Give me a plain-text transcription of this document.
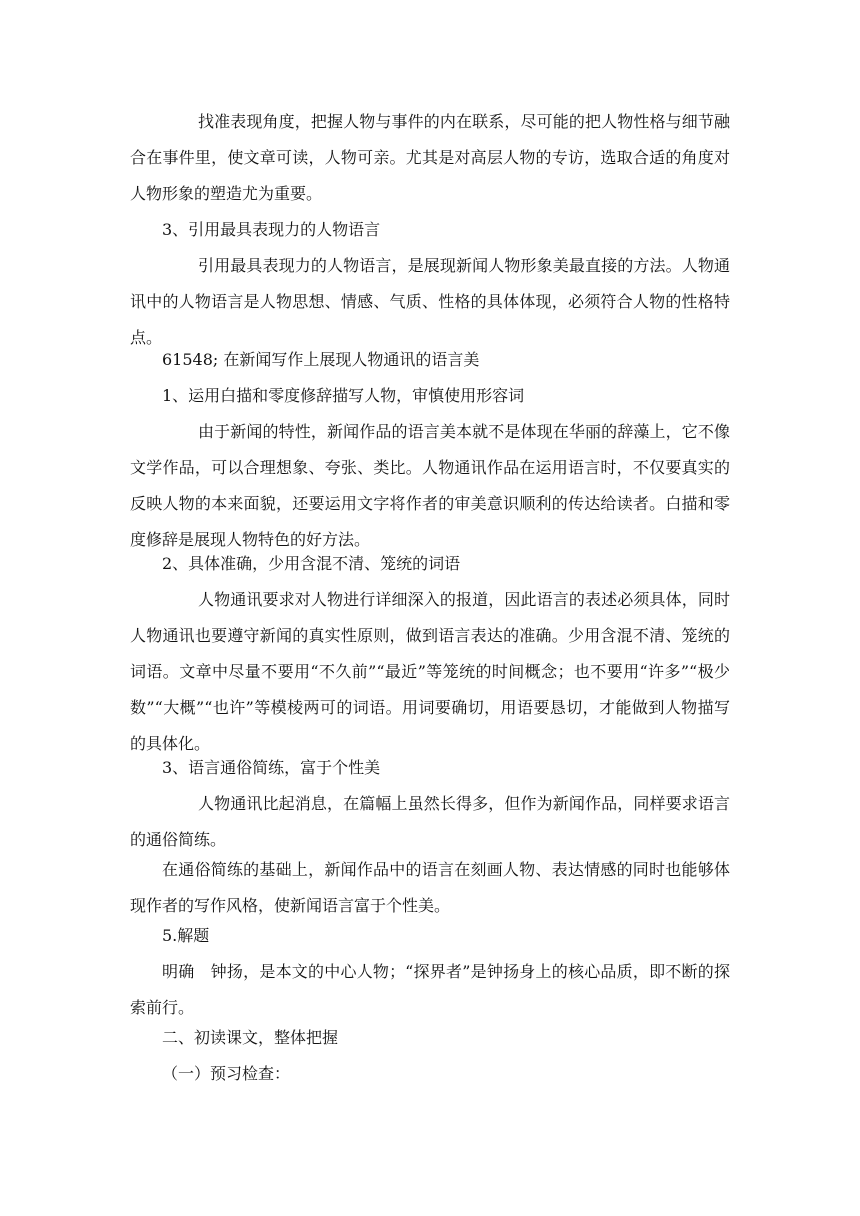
找准表现角度，把握人物与事件的内在联系，尽可能的把人物性格与细节融合在事件里，使文章可读，人物可亲。尤其是对高层人物的专访，选取合适的角度对人物形象的塑造尤为重要。
3、引用最具表现力的人物语言
引用最具表现力的人物语言，是展现新闻人物形象美最直接的方法。人物通讯中的人物语言是人物思想、情感、气质、性格的具体体现，必须符合人物的性格特点。
61548; 在新闻写作上展现人物通讯的语言美
1、运用白描和零度修辞描写人物，审慎使用形容词
由于新闻的特性，新闻作品的语言美本就不是体现在华丽的辞藻上，它不像文学作品，可以合理想象、夸张、类比。人物通讯作品在运用语言时，不仅要真实的反映人物的本来面貌，还要运用文字将作者的审美意识顺利的传达给读者。白描和零度修辞是展现人物特色的好方法。
2、具体准确，少用含混不清、笼统的词语
人物通讯要求对人物进行详细深入的报道，因此语言的表述必须具体，同时人物通讯也要遵守新闻的真实性原则，做到语言表达的准确。少用含混不清、笼统的词语。文章中尽量不要用“不久前”“最近”等笼统的时间概念；也不要用“许多”“极少数”“大概”“也许”等模棱两可的词语。用词要确切，用语要恳切，才能做到人物描写的具体化。
3、语言通俗简练，富于个性美
人物通讯比起消息，在篇幅上虽然长得多，但作为新闻作品，同样要求语言的通俗简练。
在通俗简练的基础上，新闻作品中的语言在刻画人物、表达情感的同时也能够体现作者的写作风格，使新闻语言富于个性美。
5.解题
明确　钟扬，是本文的中心人物；“探界者”是钟扬身上的核心品质，即不断的探索前行。
二、初读课文，整体把握
（一）预习检查：
